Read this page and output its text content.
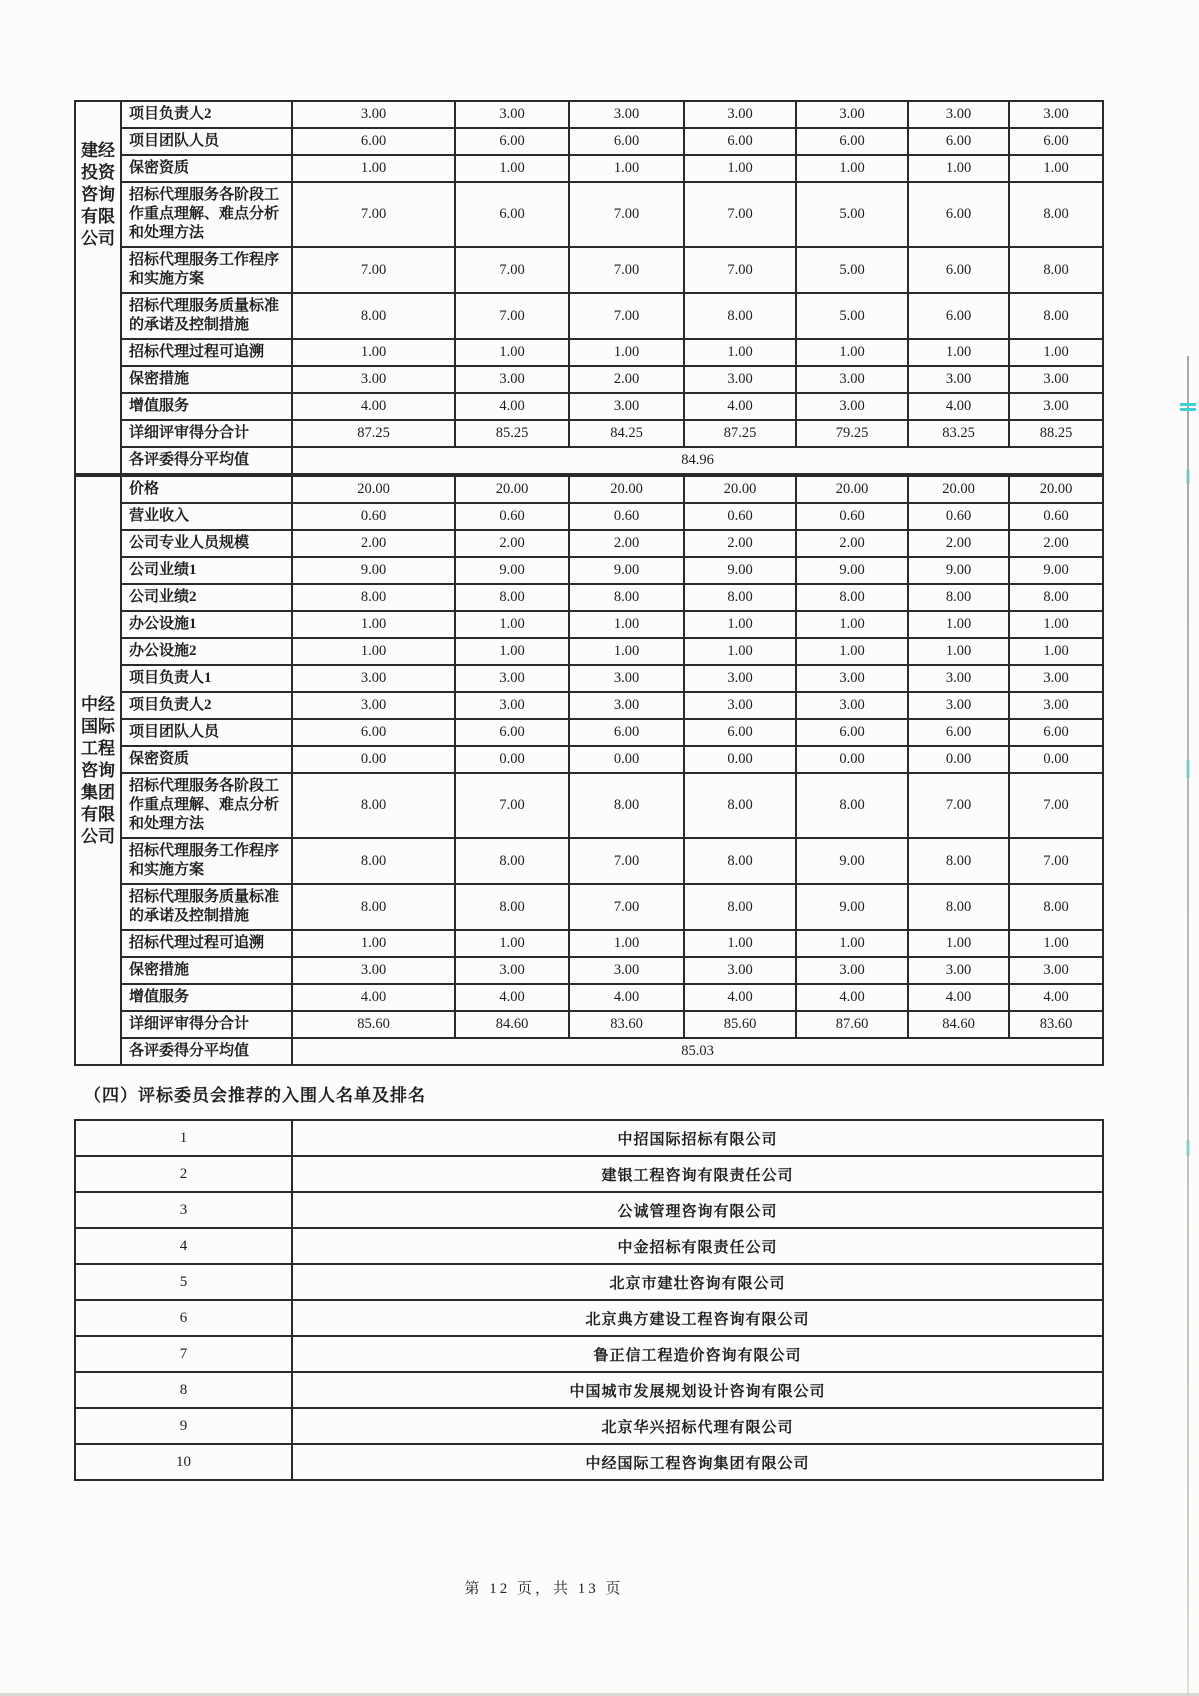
建经
投资
咨询
有限
公司	项目负责人2	3.00	3.00	3.00	3.00	3.00	3.00	3.00
	项目团队人员	6.00	6.00	6.00	6.00	6.00	6.00	6.00
	保密资质	1.00	1.00	1.00	1.00	1.00	1.00	1.00
	招标代理服务各阶段工作重点理解、难点分析和处理方法	7.00	6.00	7.00	7.00	5.00	6.00	8.00
	招标代理服务工作程序和实施方案	7.00	7.00	7.00	7.00	5.00	6.00	8.00
	招标代理服务质量标准的承诺及控制措施	8.00	7.00	7.00	8.00	5.00	6.00	8.00
	招标代理过程可追溯	1.00	1.00	1.00	1.00	1.00	1.00	1.00
	保密措施	3.00	3.00	2.00	3.00	3.00	3.00	3.00
	增值服务	4.00	4.00	3.00	4.00	3.00	4.00	3.00
	详细评审得分合计	87.25	85.25	84.25	87.25	79.25	83.25	88.25
	各评委得分平均值	84.96						
中经
国际
工程
咨询
集团
有限
公司
	价格	20.00	20.00	20.00	20.00	20.00	20.00	20.00
	营业收入	0.60	0.60	0.60	0.60	0.60	0.60	0.60
	公司专业人员规模	2.00	2.00	2.00	2.00	2.00	2.00	2.00
	公司业绩1	9.00	9.00	9.00	9.00	9.00	9.00	9.00
	公司业绩2	8.00	8.00	8.00	8.00	8.00	8.00	8.00
	办公设施1	1.00	1.00	1.00	1.00	1.00	1.00	1.00
	办公设施2	1.00	1.00	1.00	1.00	1.00	1.00	1.00
	项目负责人1	3.00	3.00	3.00	3.00	3.00	3.00	3.00
	项目负责人2	3.00	3.00	3.00	3.00	3.00	3.00	3.00
	项目团队人员	6.00	6.00	6.00	6.00	6.00	6.00	6.00
	保密资质	0.00	0.00	0.00	0.00	0.00	0.00	0.00
	招标代理服务各阶段工作重点理解、难点分析和处理方法	8.00	7.00	8.00	8.00	8.00	7.00	7.00
	招标代理服务工作程序和实施方案	8.00	8.00	7.00	8.00	9.00	8.00	7.00
	招标代理服务质量标准的承诺及控制措施	8.00	8.00	7.00	8.00	9.00	8.00	8.00
	招标代理过程可追溯	1.00	1.00	1.00	1.00	1.00	1.00	1.00
	保密措施	3.00	3.00	3.00	3.00	3.00	3.00	3.00
	增值服务	4.00	4.00	4.00	4.00	4.00	4.00	4.00
	详细评审得分合计	85.60	84.60	83.60	85.60	87.60	84.60	83.60
	各评委得分平均值	85.03						
（四）评标委员会推荐的入围人名单及排名
1	中招国际招标有限公司
2	建银工程咨询有限责任公司
3	公诚管理咨询有限公司
4	中金招标有限责任公司
5	北京市建壮咨询有限公司
6	北京典方建设工程咨询有限公司
7	鲁正信工程造价咨询有限公司
8	中国城市发展规划设计咨询有限公司
9	北京华兴招标代理有限公司
10	中经国际工程咨询集团有限公司
第 12 页，共 13 页
